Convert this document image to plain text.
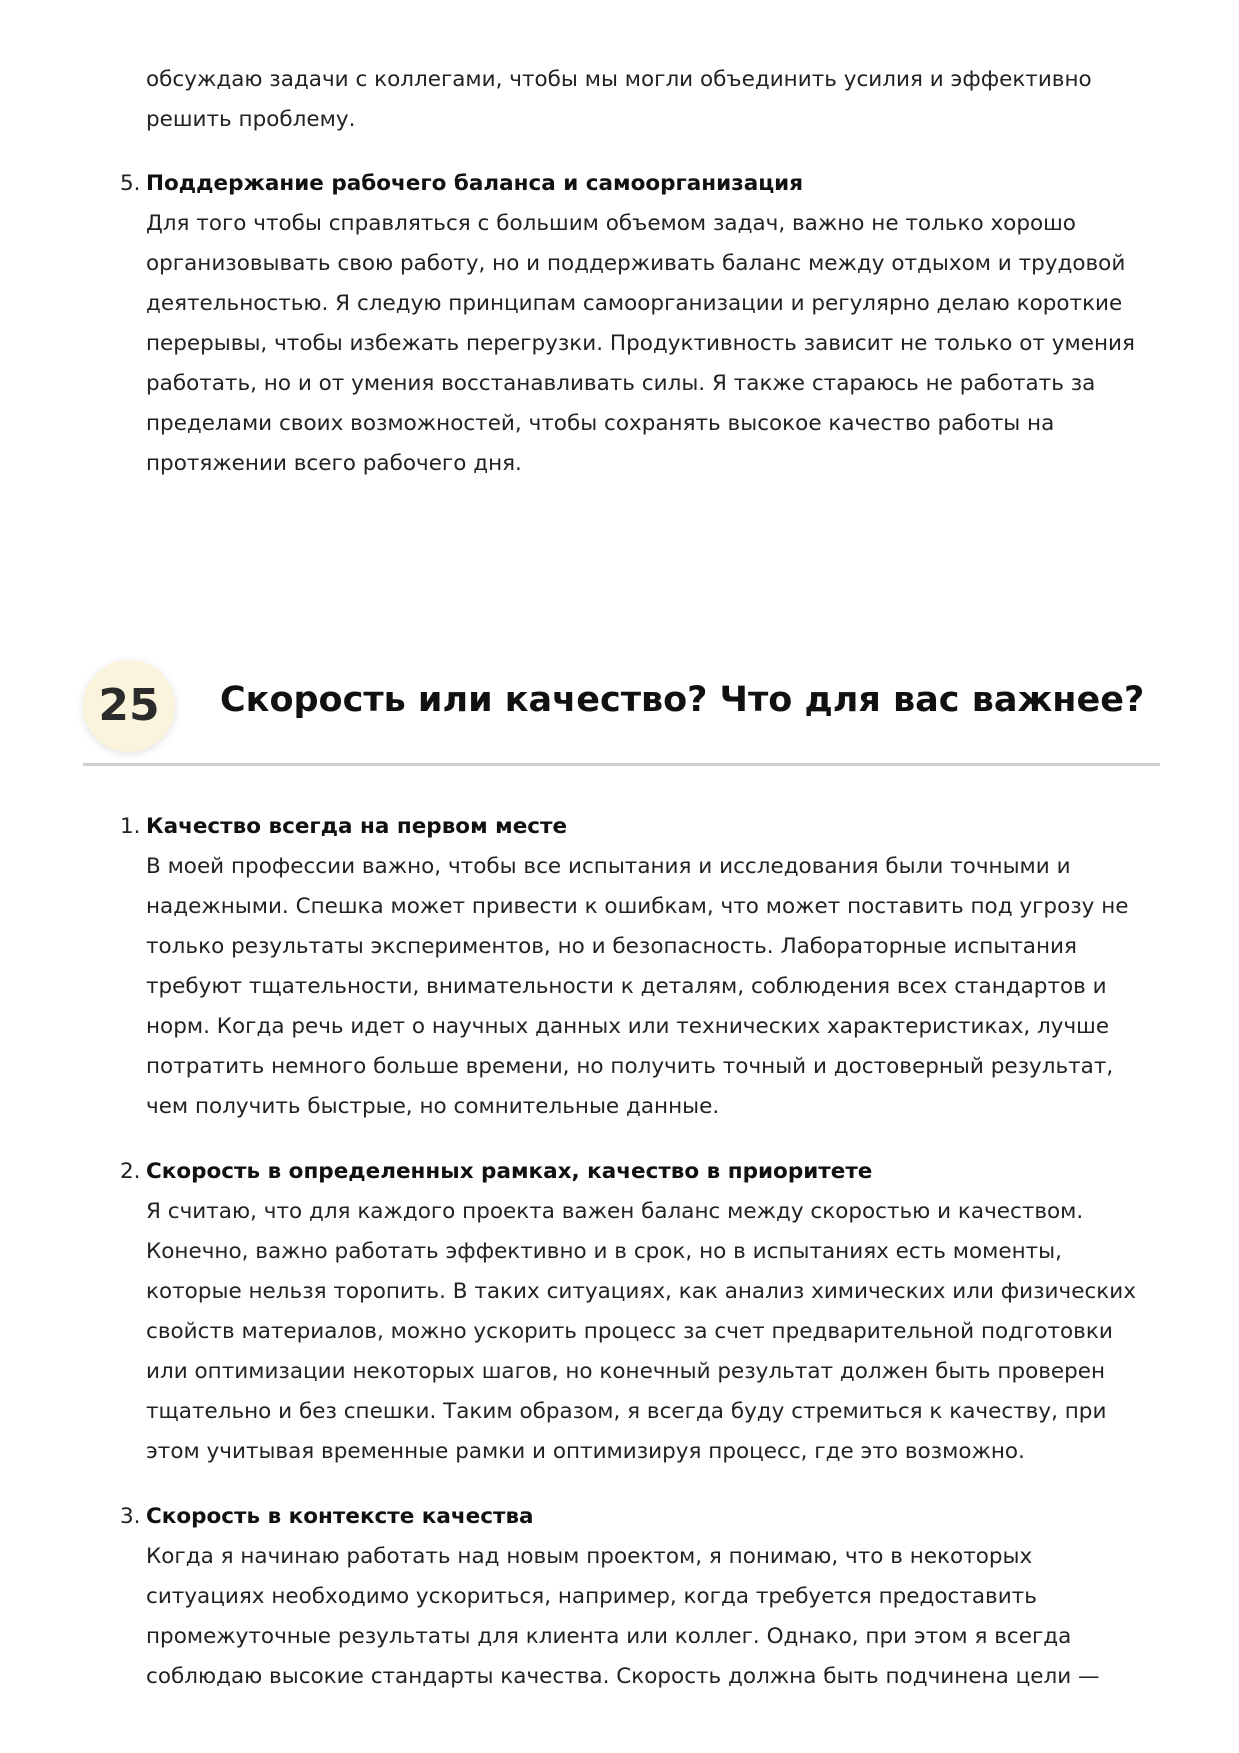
обсуждаю задачи с коллегами, чтобы мы могли объединить усилия и эффективно

решить проблему.

5. Поддержание рабочего баланса и самоорганизация

Для того чтобы справляться с большим объемом задач, важно не только хорошо

организовывать свою работу, но и поддерживать баланс между отдыхом и трудовой

деятельностью. Я следую принципам самоорганизации и регулярно делаю короткие

перерывы, чтобы избежать перегрузки. Продуктивность зависит не только от умения

работать, но и от умения восстанавливать силы. Я также стараюсь не работать за

пределами своих возможностей, чтобы сохранять высокое качество работы на

протяжении всего рабочего дня.

25	Скорость или качество? Что для вас важнее?
1. Качество всегда на первом месте

В моей профессии важно, чтобы все испытания и исследования были точными и

надежными. Спешка может привести к ошибкам, что может поставить под угрозу не

только результаты экспериментов, но и безопасность. Лабораторные испытания

требуют тщательности, внимательности к деталям, соблюдения всех стандартов и

норм. Когда речь идет о научных данных или технических характеристиках, лучше

потратить немного больше времени, но получить точный и достоверный результат,

чем получить быстрые, но сомнительные данные.

2. Скорость в определенных рамках, качество в приоритете

Я считаю, что для каждого проекта важен баланс между скоростью и качеством.

Конечно, важно работать эффективно и в срок, но в испытаниях есть моменты,

которые нельзя торопить. В таких ситуациях, как анализ химических или физических

свойств материалов, можно ускорить процесс за счет предварительной подготовки

или оптимизации некоторых шагов, но конечный результат должен быть проверен

тщательно и без спешки. Таким образом, я всегда буду стремиться к качеству, при

этом учитывая временные рамки и оптимизируя процесс, где это возможно.

3. Скорость в контексте качества

Когда я начинаю работать над новым проектом, я понимаю, что в некоторых

ситуациях необходимо ускориться, например, когда требуется предоставить

промежуточные результаты для клиента или коллег. Однако, при этом я всегда

соблюдаю высокие стандарты качества. Скорость должна быть подчинена цели —
